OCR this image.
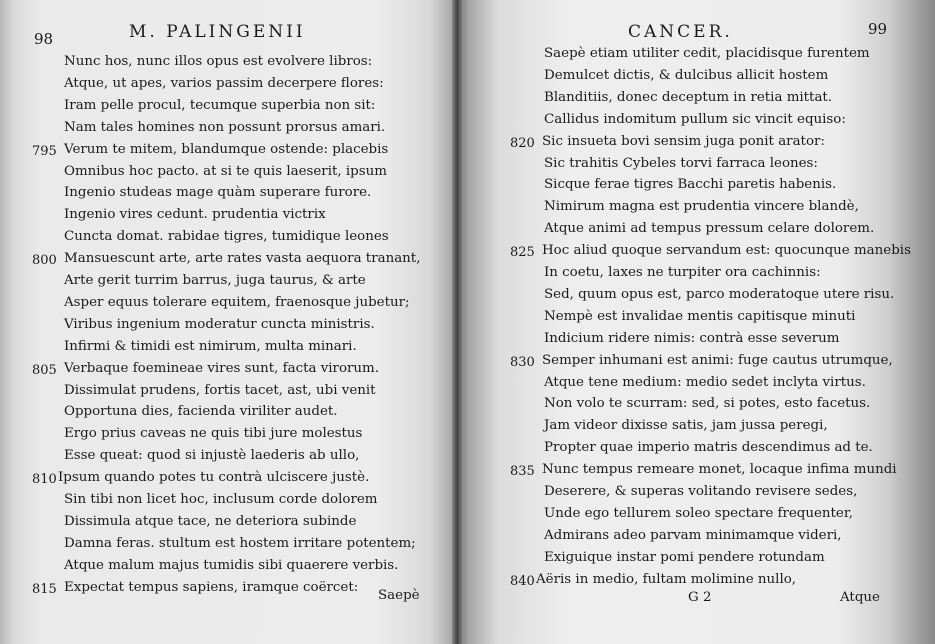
98	M. PALINGENII
Nunc hos, nunc illos opus est evolvere libros:
Atque, ut apes, varios passim decerpere flores:
Iram pelle procul, tecumque superbia non sit:
Nam tales homines non possunt prorsus amari.
Verum te mitem, blandumque ostende: placebis
795
Omnibus hoc pacto. at si te quis laeserit, ipsum
Ingenio studeas mage quàm superare furore.
Ingenio vires cedunt. prudentia victrix
Cuncta domat. rabidae tigres, tumidique leones
Mansuescunt arte, arte rates vasta aequora tranant,
800
Arte gerit turrim barrus, juga taurus, & arte
Asper equus tolerare equitem, fraenosque jubetur;
Viribus ingenium moderatur cuncta ministris.
Infirmi & timidi est nimirum, multa minari.
Verbaque foemineae vires sunt, facta virorum.
805
Dissimulat prudens, fortis tacet, ast, ubi venit
Opportuna dies, facienda viriliter audet.
Ergo prius caveas ne quis tibi jure molestus
Esse queat: quod si injustè laederis ab ullo,
Ipsum quando potes tu contrà ulciscere justè.
810
Sin tibi non licet hoc, inclusum corde dolorem
Dissimula atque tace, ne deteriora subinde
Damna feras. stultum est hostem irritare potentem;
Atque malum majus tumidis sibi quaerere verbis.
Expectat tempus sapiens, iramque coërcet:
815	Saepè
CANCER.	99
Saepè etiam utiliter cedit, placidisque furentem
Demulcet dictis, & dulcibus allicit hostem
Blanditiis, donec deceptum in retia mittat.
Callidus indomitum pullum sic vincit equiso:
Sic insueta bovi sensim juga ponit arator:
820
Sic trahitis Cybeles torvi farraca leones:
Sicque ferae tigres Bacchi paretis habenis.
Nimirum magna est prudentia vincere blandè,
Atque animi ad tempus pressum celare dolorem.
Hoc aliud quoque servandum est: quocunque manebis
825
In coetu, laxes ne turpiter ora cachinnis:
Sed, quum opus est, parco moderatoque utere risu.
Nempè est invalidae mentis capitisque minuti
Indicium ridere nimis: contrà esse severum
Semper inhumani est animi: fuge cautus utrumque,
830
Atque tene medium: medio sedet inclyta virtus.
Non volo te scurram: sed, si potes, esto facetus.
Jam videor dixisse satis, jam jussa peregi,
Propter quae imperio matris descendimus ad te.
Nunc tempus remeare monet, locaque infima mundi
835
Deserere, & superas volitando revisere sedes,
Unde ego tellurem soleo spectare frequenter,
Admirans adeo parvam minimamque videri,
Exiguique instar pomi pendere rotundam
Aëris in medio, fultam molimine nullo,
840
G 2	Atque
